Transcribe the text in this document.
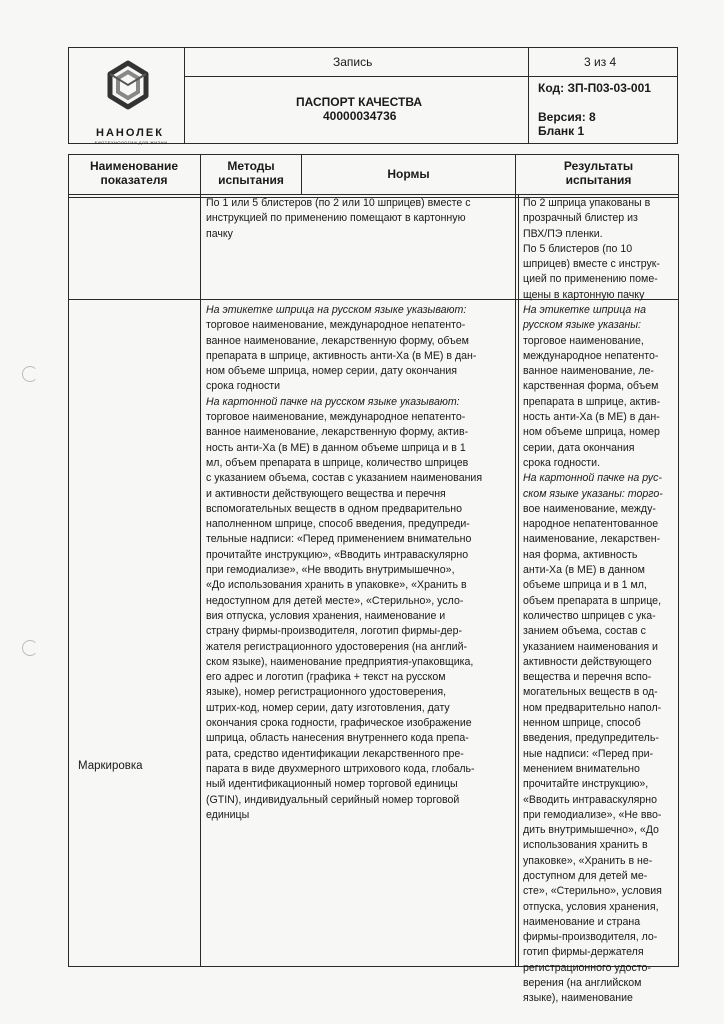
НАНОЛЕК
БИОТЕХНОЛОГИИ ДЛЯ ЖИЗНИ
Запись	3 из 4
ПАСПОРТ КАЧЕСТВА
40000034736
Код: ЗП-П03-03-001
Версия: 8
Бланк 1
Наименование
показателя
Методы
испытания	Нормы
Результаты
испытания
По 1 или 5 блистеров (по 2 или 10 шприцев) вместе с
инструкцией по применению помещают в картонную
пачку
По 2 шприца упакованы в
прозрачный блистер из
ПВХ/ПЭ пленки.
По 5 блистеров (по 10
шприцев) вместе с инструк-
цией по применению поме-
щены в картонную пачку
Маркировка
На этикетке шприца на русском языке указывают:
торговое наименование, международное непатенто-
ванное наименование, лекарственную форму, объем
препарата в шприце, активность анти-Ха (в МЕ) в дан-
ном объеме шприца, номер серии, дату окончания
срока годности
На картонной пачке на русском языке указывают:
торговое наименование, международное непатенто-
ванное наименование, лекарственную форму, актив-
ность анти-Ха (в МЕ) в данном объеме шприца и в 1
мл, объем препарата в шприце, количество шприцев
с указанием объема, состав с указанием наименования
и активности действующего вещества и перечня
вспомогательных веществ в одном предварительно
наполненном шприце, способ введения, предупреди-
тельные надписи: «Перед применением внимательно
прочитайте инструкцию», «Вводить интраваскулярно
при гемодиализе», «Не вводить внутримышечно»,
«До использования хранить в упаковке», «Хранить в
недоступном для детей месте», «Стерильно», усло-
вия отпуска, условия хранения, наименование и
страну фирмы-производителя, логотип фирмы-дер-
жателя регистрационного удостоверения (на англий-
ском языке), наименование предприятия-упаковщика,
его адрес и логотип (графика + текст на русском
языке), номер регистрационного удостоверения,
штрих-код, номер серии, дату изготовления, дату
окончания срока годности, графическое изображение
шприца, область нанесения внутреннего кода препа-
рата, средство идентификации лекарственного пре-
парата в виде двухмерного штрихового кода, глобаль-
ный идентификационный номер торговой единицы
(GTIN), индивидуальный серийный номер торговой
единицы
На этикетке шприца на
русском языке указаны:
торговое наименование,
международное непатенто-
ванное наименование, ле-
карственная форма, объем
препарата в шприце, актив-
ность анти-Ха (в МЕ) в дан-
ном объеме шприца, номер
серии, дата окончания
срока годности.
На картонной пачке на рус-
ском языке указаны: торго-
вое наименование, между-
народное непатентованное
наименование, лекарствен-
ная форма, активность
анти-Ха (в МЕ) в данном
объеме шприца и в 1 мл,
объем препарата в шприце,
количество шприцев с ука-
занием объема, состав с
указанием наименования и
активности действующего
вещества и перечня вспо-
могательных веществ в од-
ном предварительно напол-
ненном шприце, способ
введения, предупредитель-
ные надписи: «Перед при-
менением внимательно
прочитайте инструкцию»,
«Вводить интраваскулярно
при гемодиализе», «Не вво-
дить внутримышечно», «До
использования хранить в
упаковке», «Хранить в не-
доступном для детей ме-
сте», «Стерильно», условия
отпуска, условия хранения,
наименование и страна
фирмы-производителя, ло-
готип фирмы-держателя
регистрационного удосто-
верения (на английском
языке), наименование
